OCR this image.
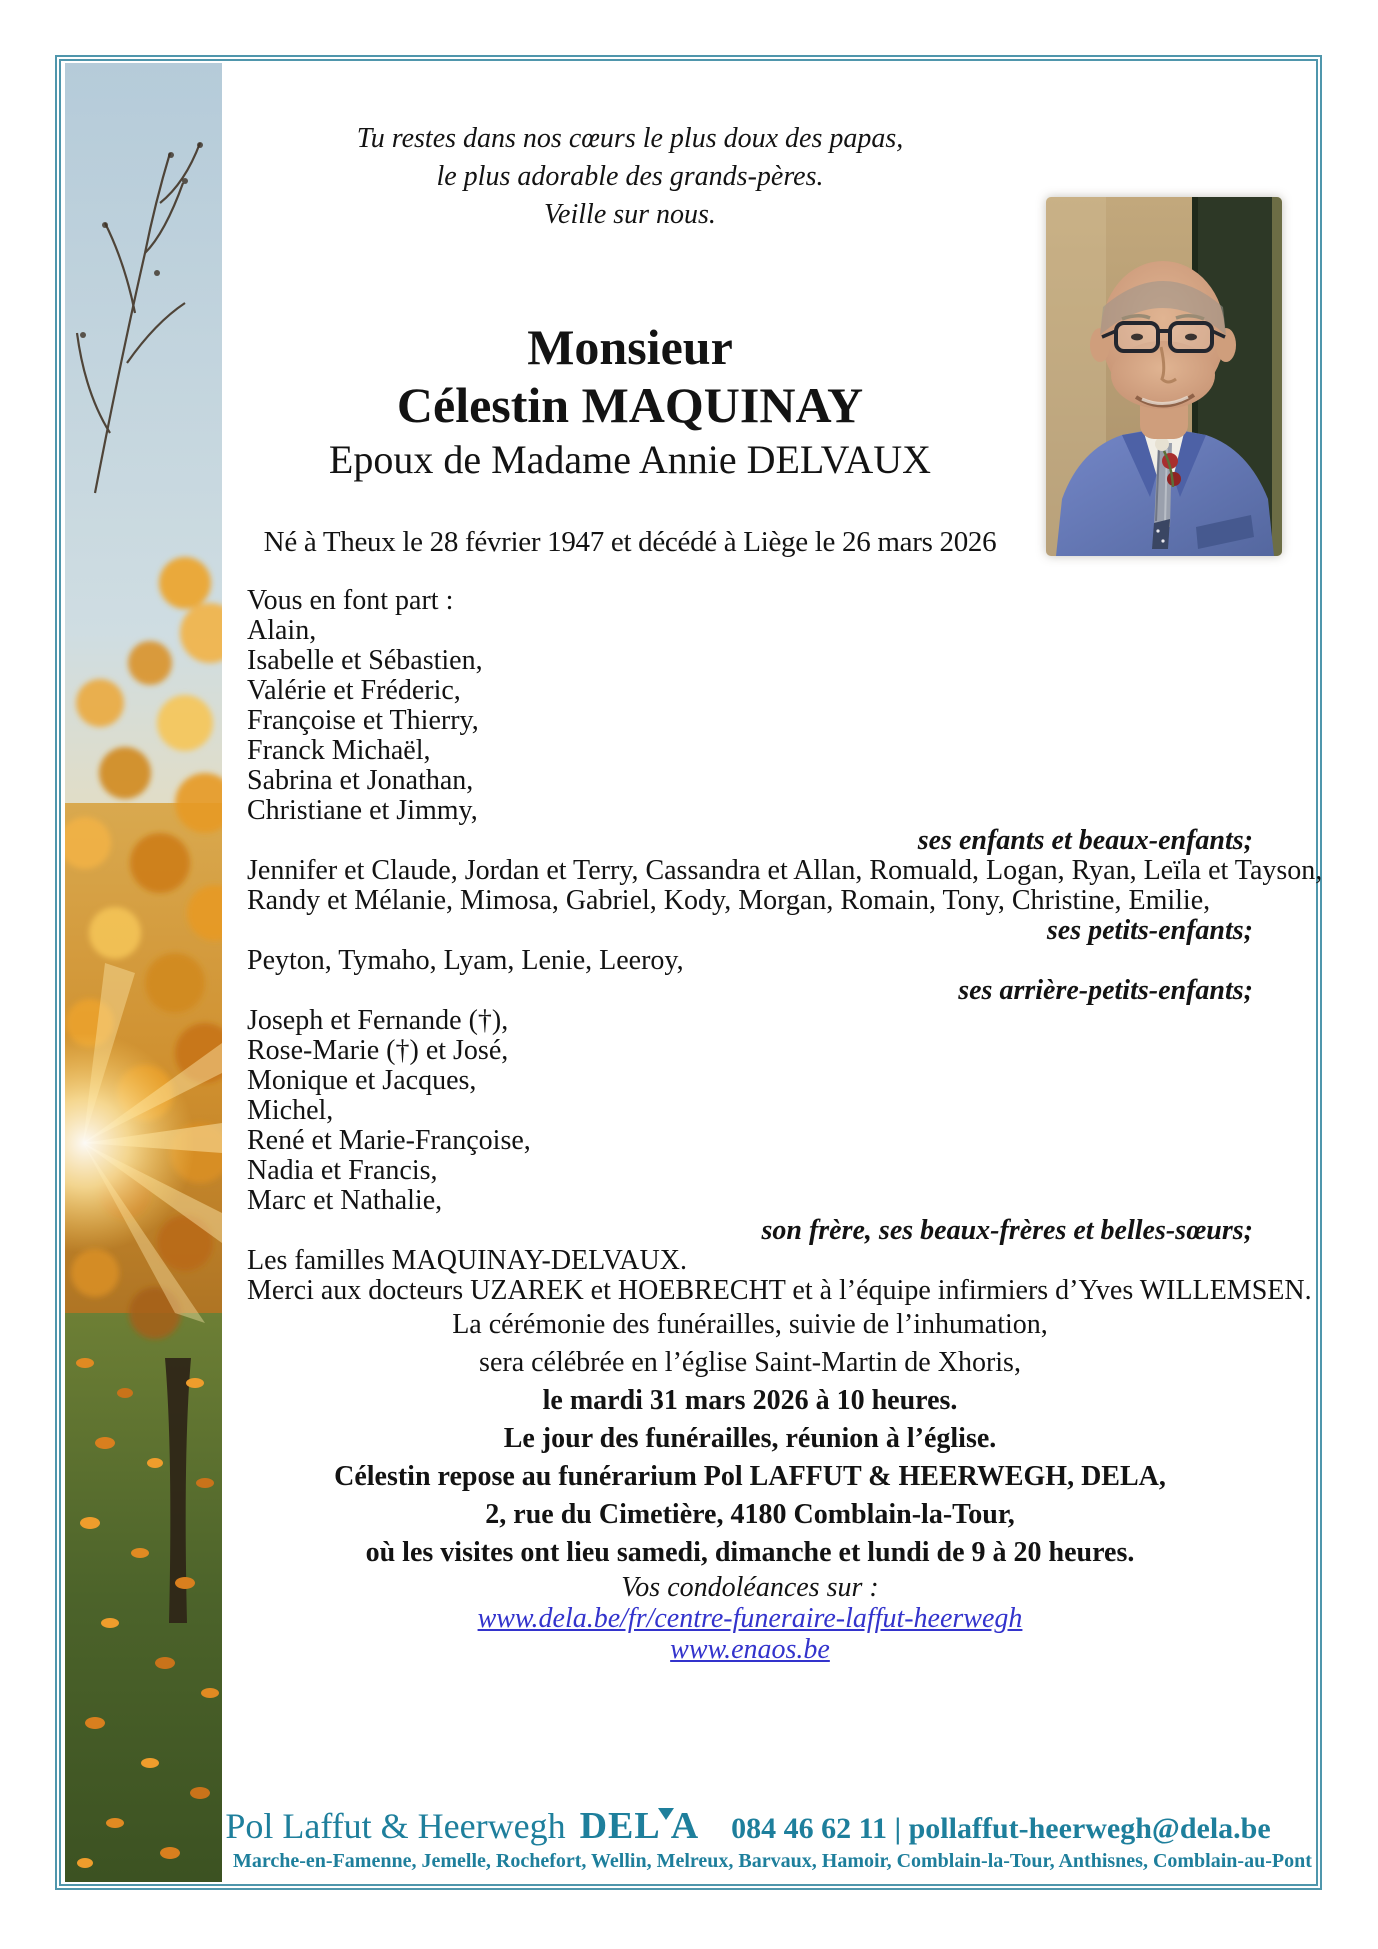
Tu restes dans nos cœurs le plus doux des papas,
le plus adorable des grands-pères.
Veille sur nous.
Monsieur
Célestin MAQUINAY
Epoux de Madame Annie DELVAUX
Né à Theux le 28 février 1947 et décédé à Liège le 26 mars 2026
Vous en font part :
Alain,
Isabelle et Sébastien,
Valérie et Fréderic,
Françoise et Thierry,
Franck Michaël,
Sabrina et Jonathan,
Christiane et Jimmy,
ses enfants et beaux-enfants;
Jennifer et Claude, Jordan et Terry, Cassandra et Allan, Romuald, Logan, Ryan, Leïla et Tayson,
Randy et Mélanie, Mimosa, Gabriel, Kody, Morgan, Romain, Tony, Christine, Emilie,
ses petits-enfants;
Peyton, Tymaho, Lyam, Lenie, Leeroy,
ses arrière-petits-enfants;
Joseph et Fernande (†),
Rose-Marie (†) et José,
Monique et Jacques,
Michel,
René et Marie-Françoise,
Nadia et Francis,
Marc et Nathalie,
son frère, ses beaux-frères et belles-sœurs;
Les familles MAQUINAY-DELVAUX.
Merci aux docteurs UZAREK et HOEBRECHT et à l’équipe infirmiers d’Yves WILLEMSEN.
La cérémonie des funérailles, suivie de l’inhumation,
sera célébrée en l’église Saint-Martin de Xhoris,
le mardi 31 mars 2026 à 10 heures.
Le jour des funérailles, réunion à l’église.
Célestin repose au funérarium Pol LAFFUT & HEERWEGH, DELA,
2, rue du Cimetière, 4180 Comblain-la-Tour,
où les visites ont lieu samedi, dimanche et lundi de 9 à 20 heures.
Vos condoléances sur :
www.dela.be/fr/centre-funeraire-laffut-heerwegh
www.enaos.be
Pol Laffut & Heerwegh DEL A 084 46 62 11 | pollaffut-heerwegh@dela.be
Marche-en-Famenne, Jemelle, Rochefort, Wellin, Melreux, Barvaux, Hamoir, Comblain-la-Tour, Anthisnes, Comblain-au-Pont
